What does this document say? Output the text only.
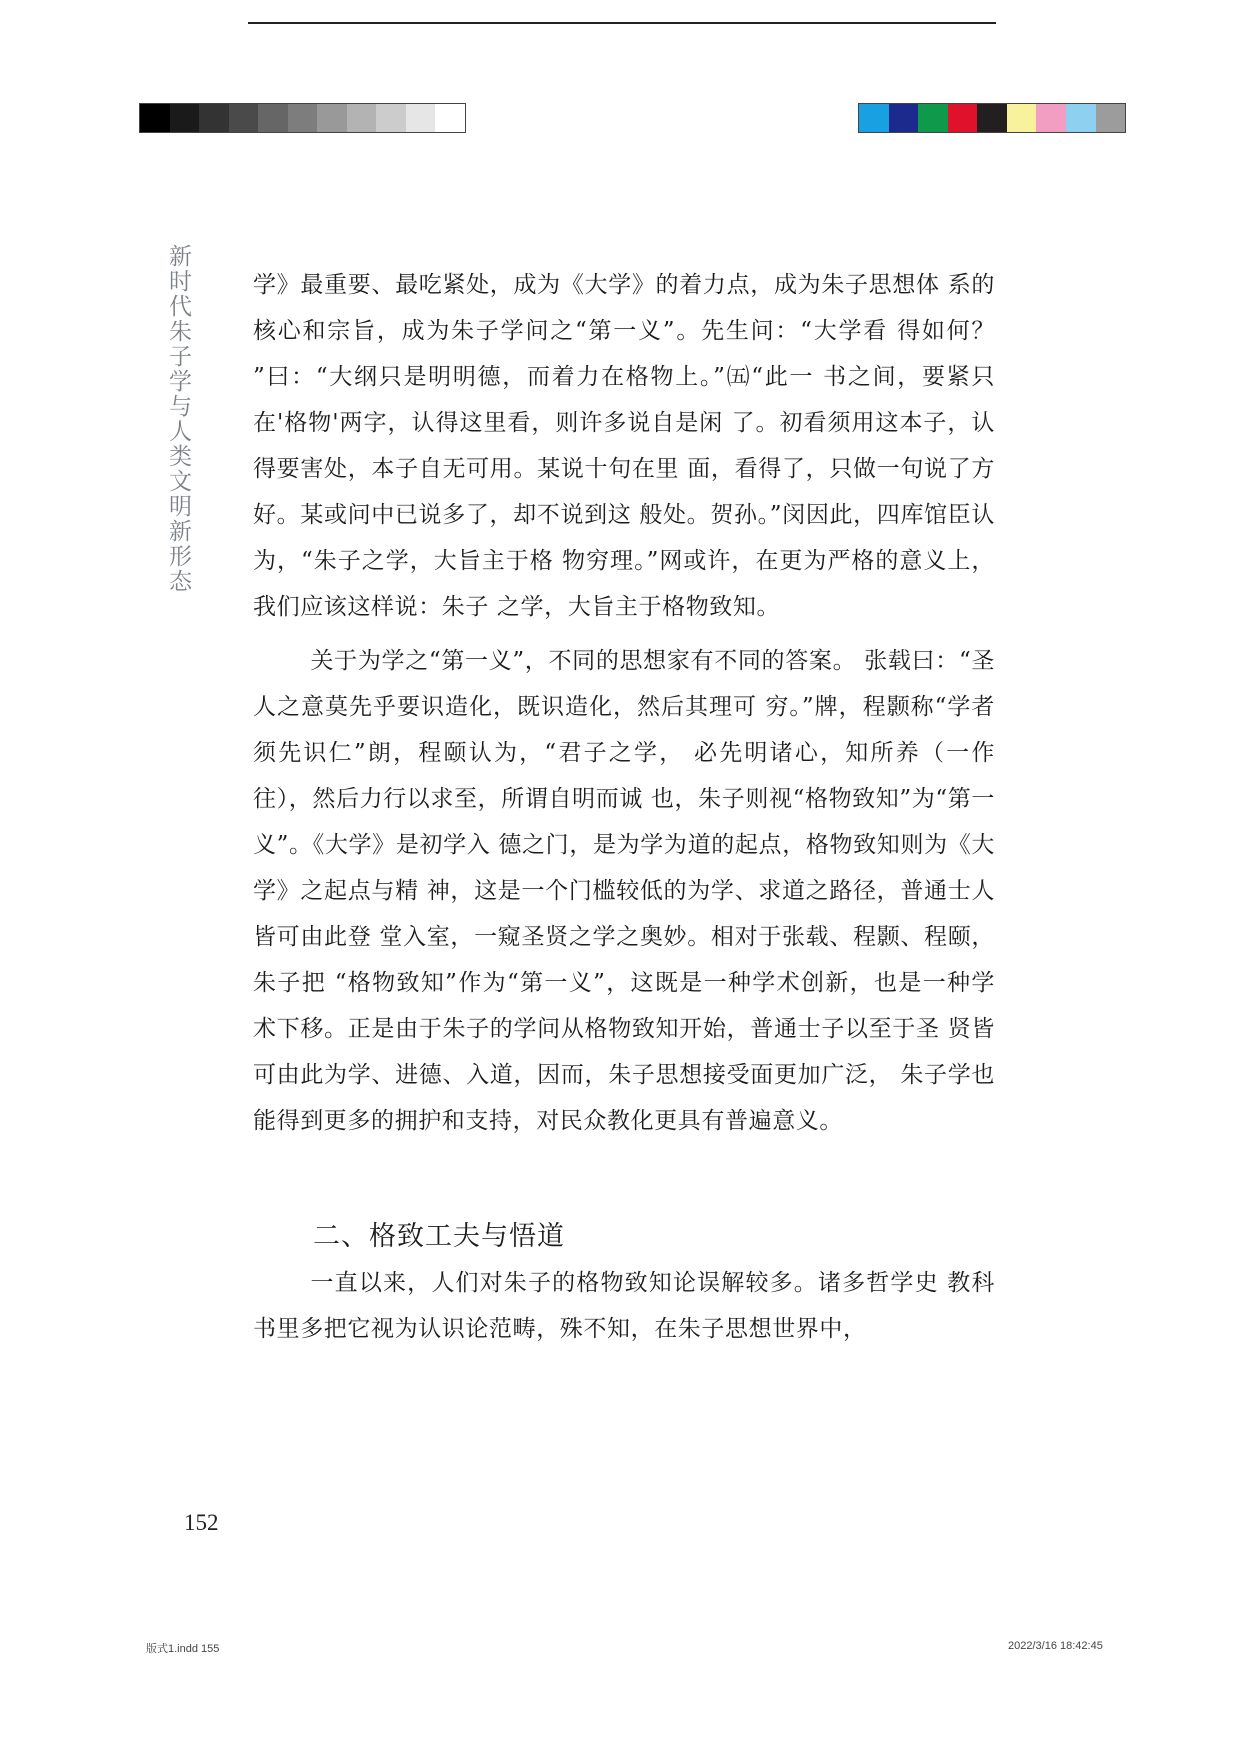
新时代朱子学与人类文明新形态	学》最重要、最吃紧处，成为《大学》的着力点，成为朱子思想体 系的核心和宗旨，成为朱子学问之“第一义”。先生问：“大学看 得如何？ ”曰：“大纲只是明明德，而着力在格物上。”㈤“此一 书之间，要紧只在'格物'两字，认得这里看，则许多说自是闲 了。初看须用这本子，认得要害处，本子自无可用。某说十句在里 面，看得了，只做一句说了方好。某或问中已说多了，却不说到这 般处。贺孙。”闵因此，四库馆臣认为，“朱子之学，大旨主于格 物穷理。”网或许，在更为严格的意义上，我们应该这样说：朱子 之学，大旨主于格物致知。

关于为学之“第一义”，不同的思想家有不同的答案。 张载曰：“圣人之意莫先乎要识造化，既识造化，然后其理可 穷。”牌，程颢称“学者须先识仁”朗，程颐认为，“君子之学， 必先明诸心，知所养（一作往），然后力行以求至，所谓自明而诚 也，朱子则视“格物致知”为“第一义”。《大学》是初学入 德之门，是为学为道的起点，格物致知则为《大学》之起点与精 神，这是一个门槛较低的为学、求道之路径，普通士人皆可由此登 堂入室，一窥圣贤之学之奥妙。相对于张载、程颢、程颐，朱子把 “格物致知”作为“第一义”，这既是一种学术创新，也是一种学 术下移。正是由于朱子的学问从格物致知开始，普通士子以至于圣 贤皆可由此为学、进德、入道，因而，朱子思想接受面更加广泛， 朱子学也能得到更多的拥护和支持，对民众教化更具有普遍意义。

二、格致工夫与悟道

一直以来，人们对朱子的格物致知论误解较多。诸多哲学史 教科书里多把它视为认识论范畴，殊不知，在朱子思想世界中，

152
版式1.indd 155	2022/3/16 18:42:45
